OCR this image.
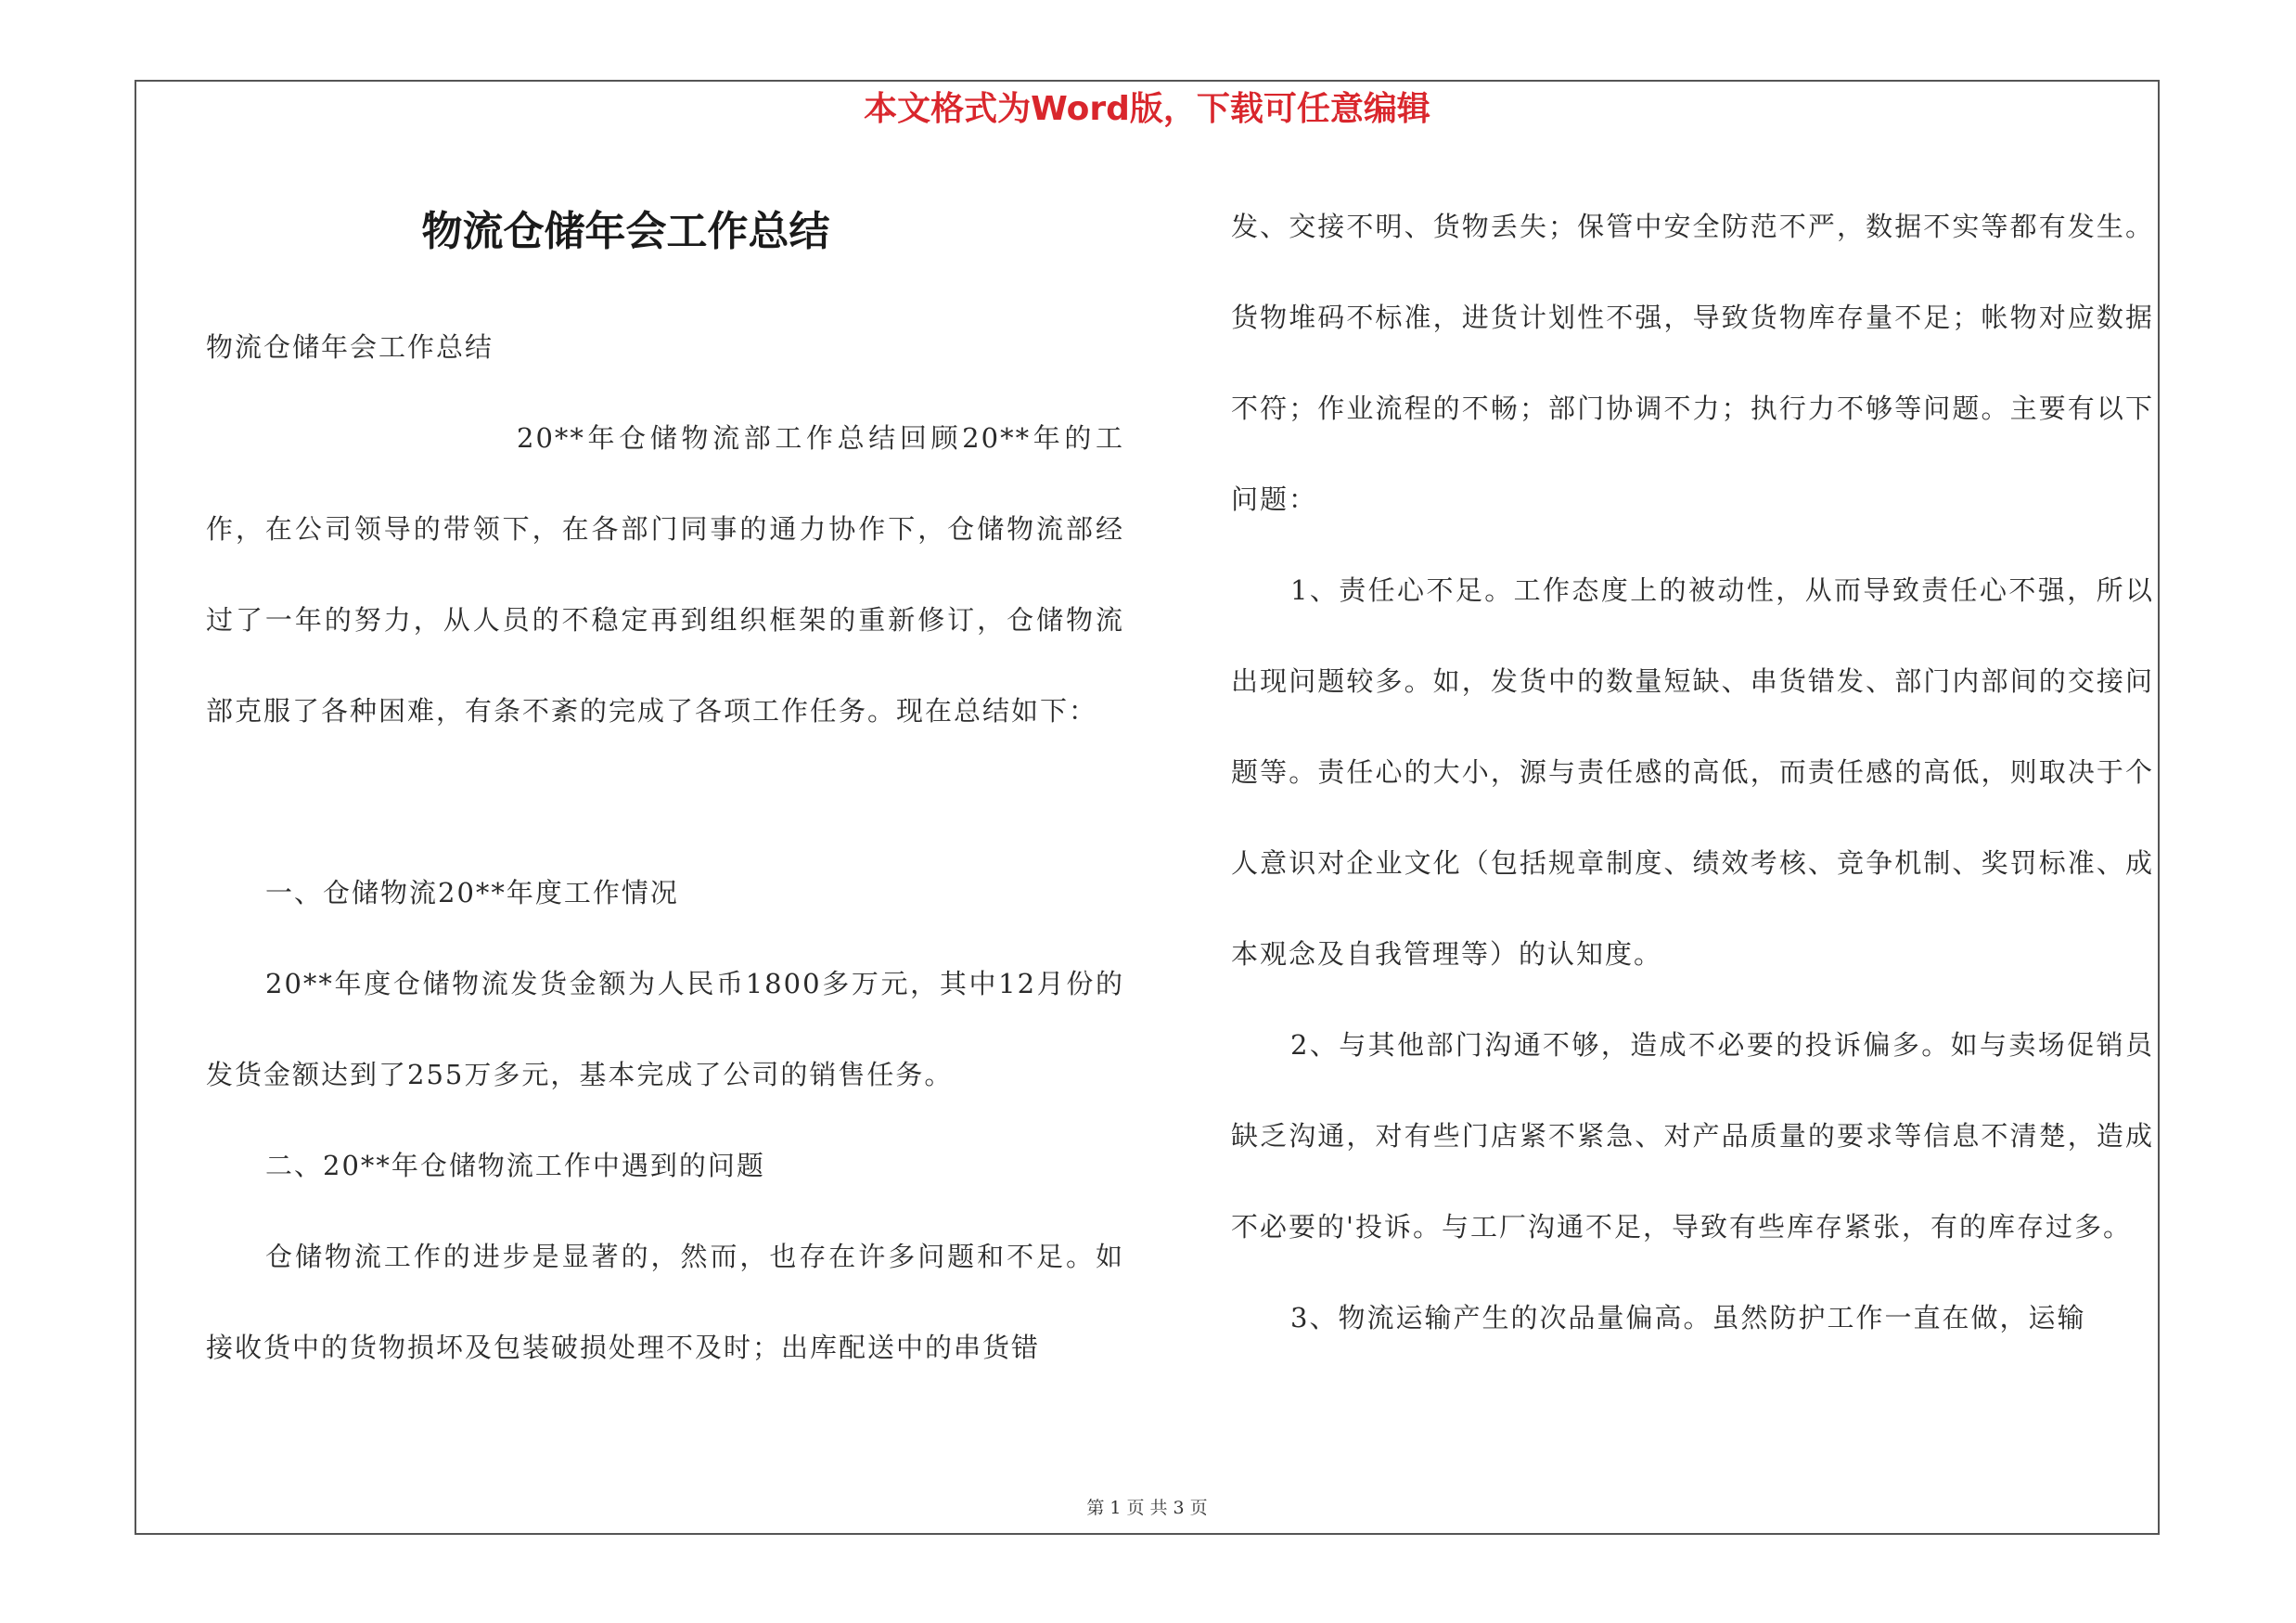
本文格式为Word版，下载可任意编辑
物流仓储年会工作总结

物流仓储年会工作总结

20**年仓储物流部工作总结回顾20**年的工作，在公司领导的带领下，在各部门同事的通力协作下，仓储物流部经过了一年的努力，从人员的不稳定再到组织框架的重新修订，仓储物流部克服了各种困难，有条不紊的完成了各项工作任务。现在总结如下：

一、仓储物流20**年度工作情况

20**年度仓储物流发货金额为人民币1800多万元，其中12月份的发货金额达到了255万多元，基本完成了公司的销售任务。

二、20**年仓储物流工作中遇到的问题

仓储物流工作的进步是显著的，然而，也存在许多问题和不足。如接收货中的货物损坏及包装破损处理不及时；出库配送中的串货错

发、交接不明、货物丢失；保管中安全防范不严，数据不实等都有发生。货物堆码不标准，进货计划性不强，导致货物库存量不足；帐物对应数据不符；作业流程的不畅；部门协调不力；执行力不够等问题。主要有以下问题：

1、责任心不足。工作态度上的被动性，从而导致责任心不强，所以出现问题较多。如，发货中的数量短缺、串货错发、部门内部间的交接问题等。责任心的大小，源与责任感的高低，而责任感的高低，则取决于个人意识对企业文化（包括规章制度、绩效考核、竞争机制、奖罚标准、成本观念及自我管理等）的认知度。

2、与其他部门沟通不够，造成不必要的投诉偏多。如与卖场促销员缺乏沟通，对有些门店紧不紧急、对产品质量的要求等信息不清楚，造成不必要的'投诉。与工厂沟通不足，导致有些库存紧张，有的库存过多。

3、物流运输产生的次品量偏高。虽然防护工作一直在做，运输

第 1 页 共 3 页
